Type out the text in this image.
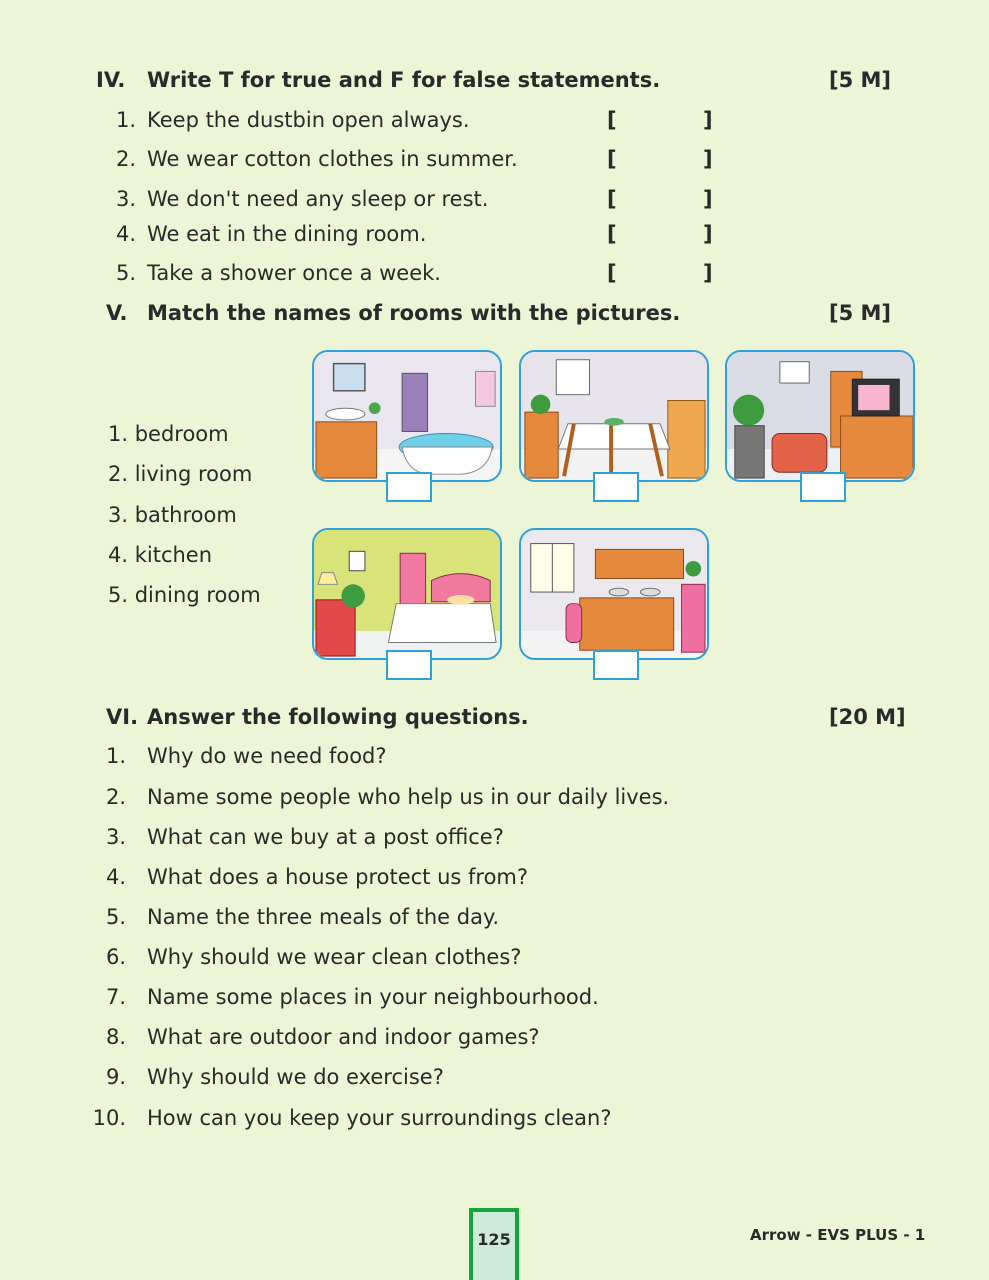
IV. Write T for true and F for false statements.	[5 M]
1. Keep the dustbin open always.	[	]
2. We wear cotton clothes in summer.	[	]
3. We don't need any sleep or rest.	[	]
4. We eat in the dining room.	[	]
5. Take a shower once a week.	[	]
V. Match the names of rooms with the pictures.	[5 M]
1. bedroom
2. living room
3. bathroom
4. kitchen
5. dining room
VI. Answer the following questions.	[20 M]
1. Why do we need food?
2. Name some people who help us in our daily lives.
3. What can we buy at a post office?
4. What does a house protect us from?
5. Name the three meals of the day.
6. Why should we wear clean clothes?
7. Name some places in your neighbourhood.
8. What are outdoor and indoor games?
9. Why should we do exercise?
10. How can you keep your surroundings clean?
125	Arrow - EVS PLUS - 1
